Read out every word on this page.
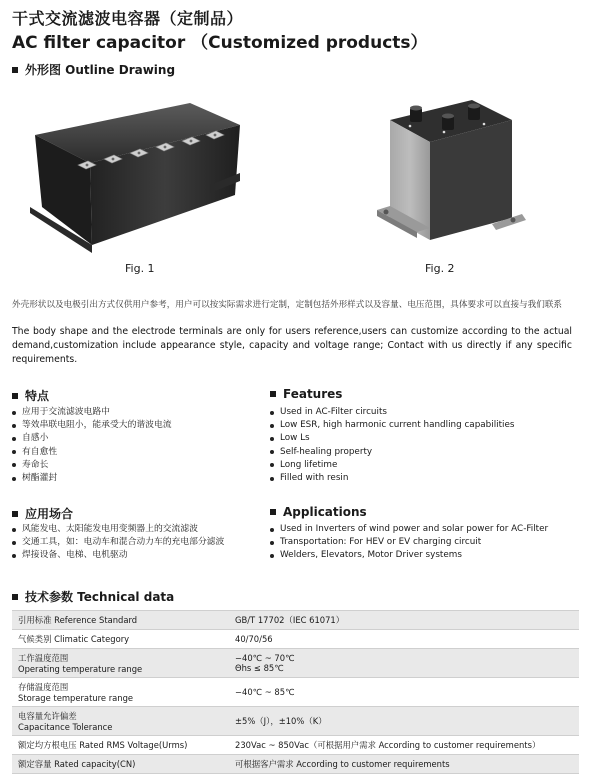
干式交流滤波电容器（定制品）
AC filter capacitor （Customized products）
外形图 Outline Drawing
Fig. 1	Fig. 2
外壳形状以及电极引出方式仅供用户参考，用户可以按实际需求进行定制，定制包括外形样式以及容量、电压范围，具体要求可以直接与我们联系
The body shape and the electrode terminals are only for users reference,users can customize according to the actual demand,customization include appearance style, capacity and voltage range; Contact with us directly if any specific requirements.
特点	Features
应用于交流滤波电路中
等效串联电阻小，能承受大的谐波电流
自感小
有自愈性
寿命长
树酯灌封
Used in AC-Filter circuits
Low ESR, high harmonic current handling capabilities
Low Ls
Self-healing property
Long lifetime
Filled with resin
应用场合	Applications
风能发电、太阳能发电用变频器上的交流滤波
交通工具，如：电动车和混合动力车的充电部分滤波
焊接设备、电梯、电机驱动
Used in Inverters of wind power and solar power for AC-Filter
Transportation: For HEV or EV charging circuit
Welders, Elevators, Motor Driver systems
技术参数 Technical data
引用标准 Reference Standard	GB/T 17702（IEC 61071）
气候类别 Climatic Category	40/70/56
工作温度范围
Operating temperature range	−40℃ ~ 70℃
Θhs ≤ 85℃
存储温度范围
Storage temperature range	−40℃ ~ 85℃
电容量允许偏差
Capacitance Tolerance	±5%（J），±10%（K）
额定均方根电压 Rated RMS Voltage(Urms)	230Vac ~ 850Vac（可根据用户需求 According to customer requirements）
额定容量 Rated capacity(CN)	可根据客户需求 According to customer requirements
